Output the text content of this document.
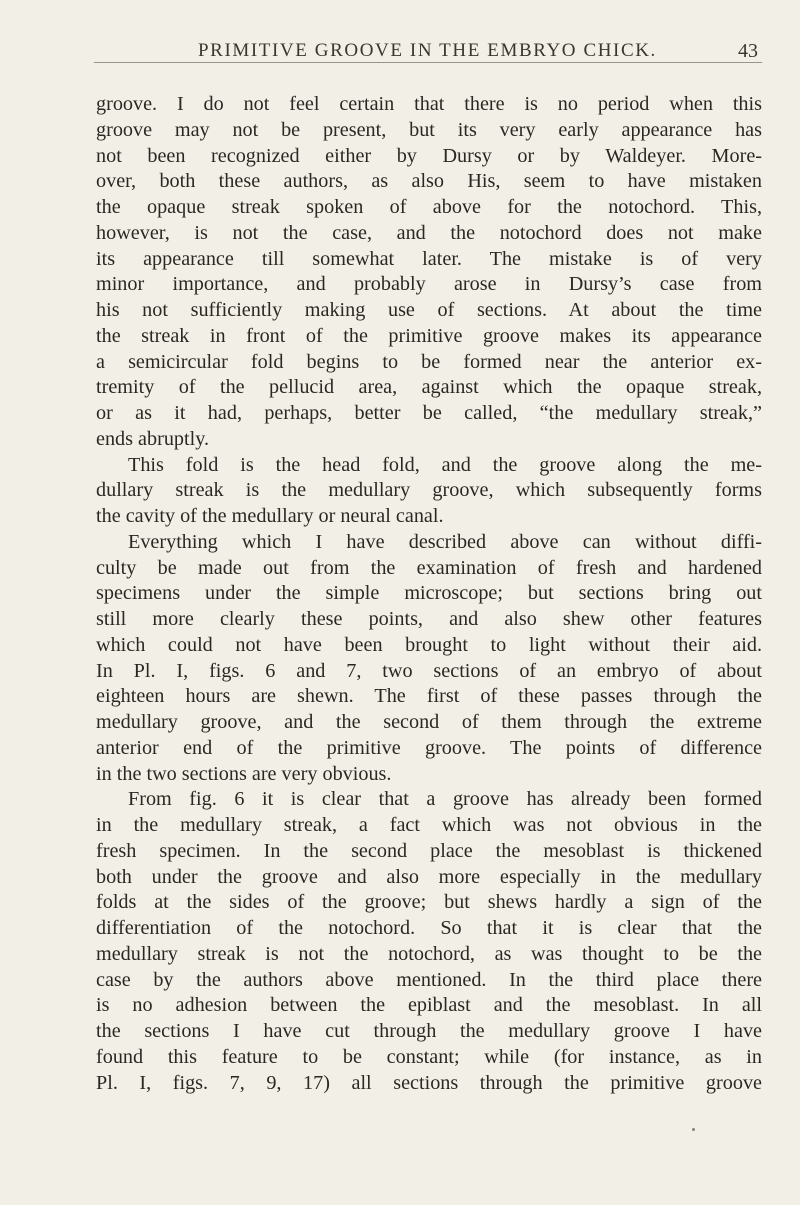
PRIMITIVE GROOVE IN THE EMBRYO CHICK.	43
groove. I do not feel certain that there is no period when this
groove may not be present, but its very early appearance has
not been recognized either by Dursy or by Waldeyer. More-
over, both these authors, as also His, seem to have mistaken
the opaque streak spoken of above for the notochord. This,
however, is not the case, and the notochord does not make
its appearance till somewhat later. The mistake is of very
minor importance, and probably arose in Dursy’s case from
his not sufficiently making use of sections. At about the time
the streak in front of the primitive groove makes its appearance
a semicircular fold begins to be formed near the anterior ex-
tremity of the pellucid area, against which the opaque streak,
or as it had, perhaps, better be called, “the medullary streak,”
ends abruptly.
This fold is the head fold, and the groove along the me-
dullary streak is the medullary groove, which subsequently forms
the cavity of the medullary or neural canal.
Everything which I have described above can without diffi-
culty be made out from the examination of fresh and hardened
specimens under the simple microscope; but sections bring out
still more clearly these points, and also shew other features
which could not have been brought to light without their aid.
In Pl. I, figs. 6 and 7, two sections of an embryo of about
eighteen hours are shewn. The first of these passes through the
medullary groove, and the second of them through the extreme
anterior end of the primitive groove. The points of difference
in the two sections are very obvious.
From fig. 6 it is clear that a groove has already been formed
in the medullary streak, a fact which was not obvious in the
fresh specimen. In the second place the mesoblast is thickened
both under the groove and also more especially in the medullary
folds at the sides of the groove; but shews hardly a sign of the
differentiation of the notochord. So that it is clear that the
medullary streak is not the notochord, as was thought to be the
case by the authors above mentioned. In the third place there
is no adhesion between the epiblast and the mesoblast. In all
the sections I have cut through the medullary groove I have
found this feature to be constant; while (for instance, as in
Pl. I, figs. 7, 9, 17) all sections through the primitive groove
